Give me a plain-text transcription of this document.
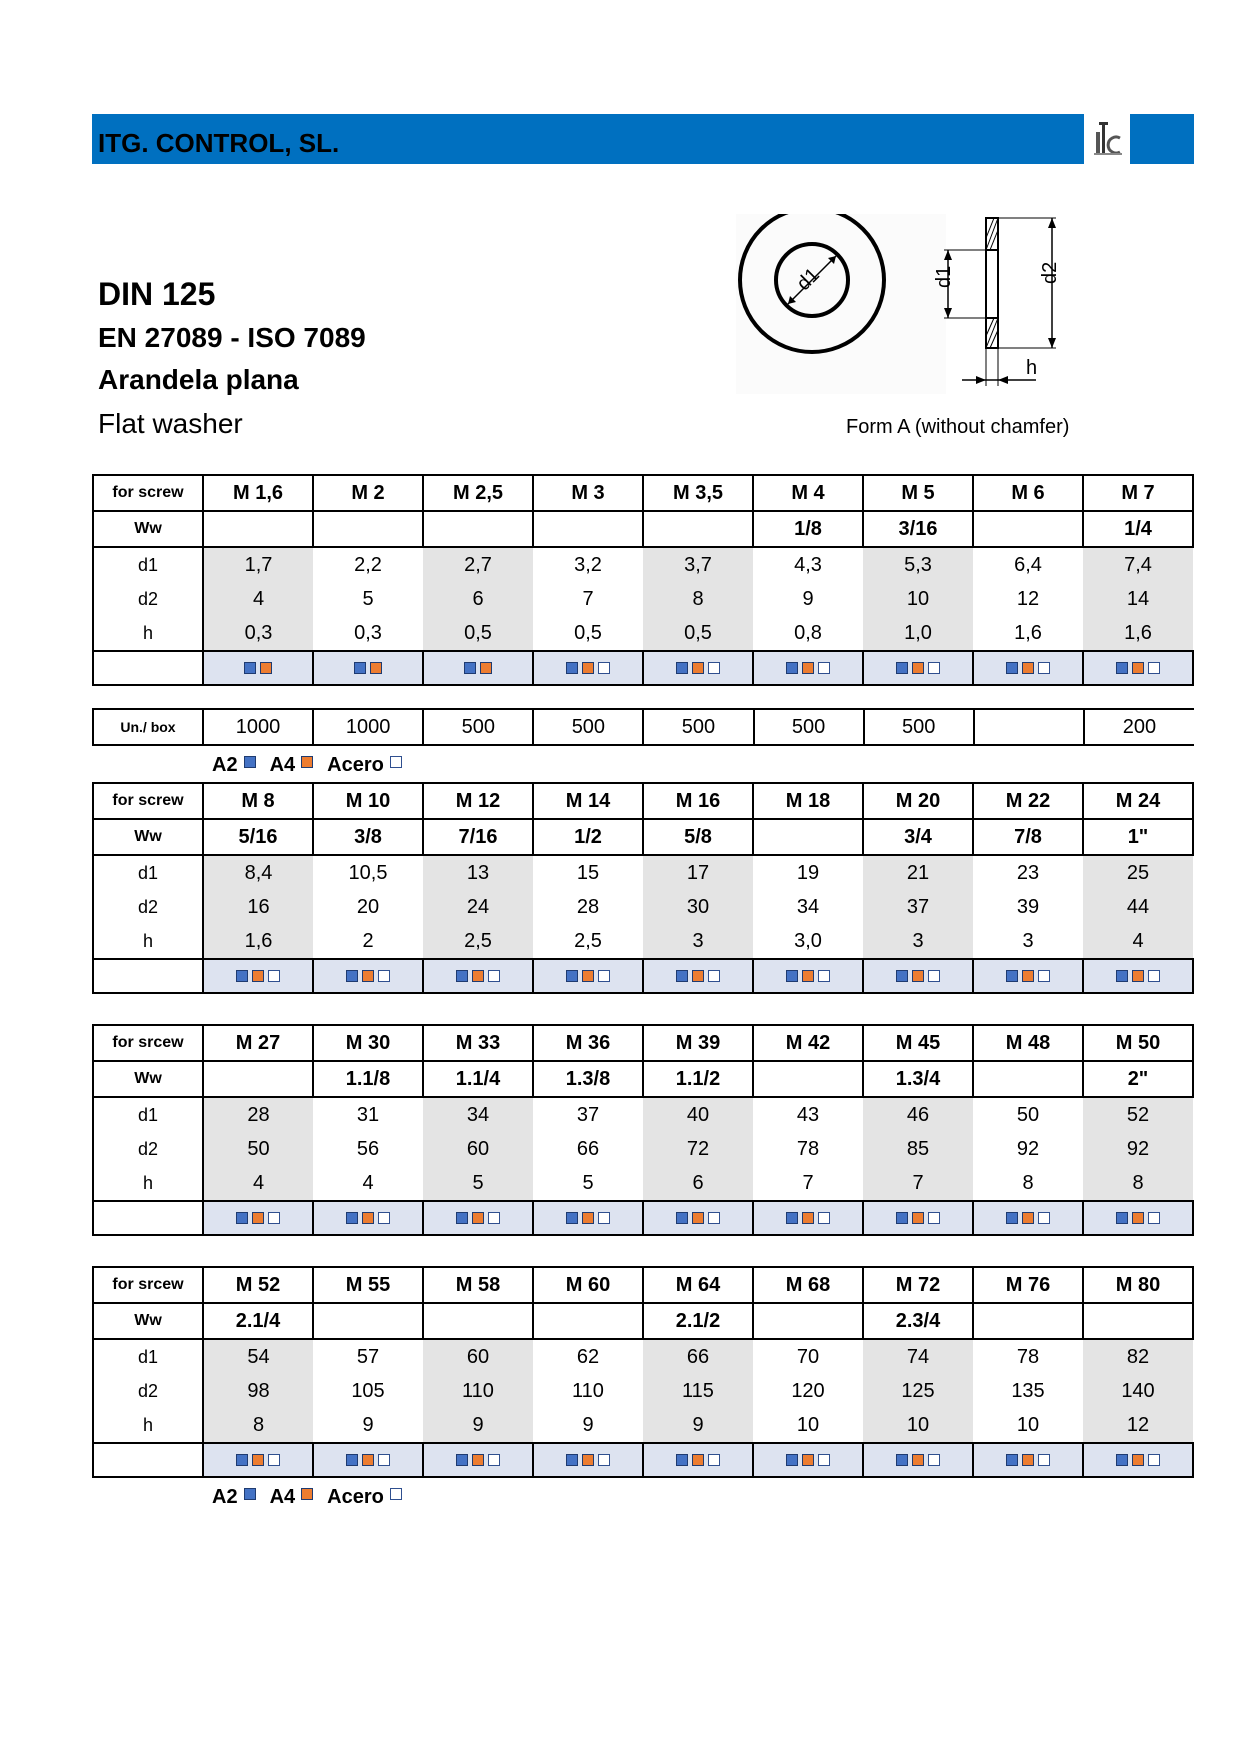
ITG. CONTROL, SL.
DIN 125
EN 27089 - ISO 7089
Arandela plana
Flat washer
d1	d1	d2
h
Form A (without chamfer)
for screw	M 1,6	M 2	M 2,5	M 3	M 3,5	M 4	M 5	M 6	M 7
Ww						1/8	3/16		1/4
d1	1,7	2,2	2,7	3,2	3,7	4,3	5,3	6,4	7,4
d2	4	5	6	7	8	9	10	12	14
h	0,3	0,3	0,5	0,5	0,5	0,8	1,0	1,6	1,6

Un./ box	1000	1000	500	500	500	500	500		200
A2 A4 Acero
for screw	M 8	M 10	M 12	M 14	M 16	M 18	M 20	M 22	M 24
Ww	5/16	3/8	7/16	1/2	5/8		3/4	7/8	1"
d1	8,4	10,5	13	15	17	19	21	23	25
d2	16	20	24	28	30	34	37	39	44
h	1,6	2	2,5	2,5	3	3,0	3	3	4

for srcew	M 27	M 30	M 33	M 36	M 39	M 42	M 45	M 48	M 50
Ww		1.1/8	1.1/4	1.3/8	1.1/2		1.3/4		2"
d1	28	31	34	37	40	43	46	50	52
d2	50	56	60	66	72	78	85	92	92
h	4	4	5	5	6	7	7	8	8

for srcew	M 52	M 55	M 58	M 60	M 64	M 68	M 72	M 76	M 80
Ww	2.1/4				2.1/2		2.3/4		
d1	54	57	60	62	66	70	74	78	82
d2	98	105	110	110	115	120	125	135	140
h	8	9	9	9	9	10	10	10	12

A2 A4 Acero
